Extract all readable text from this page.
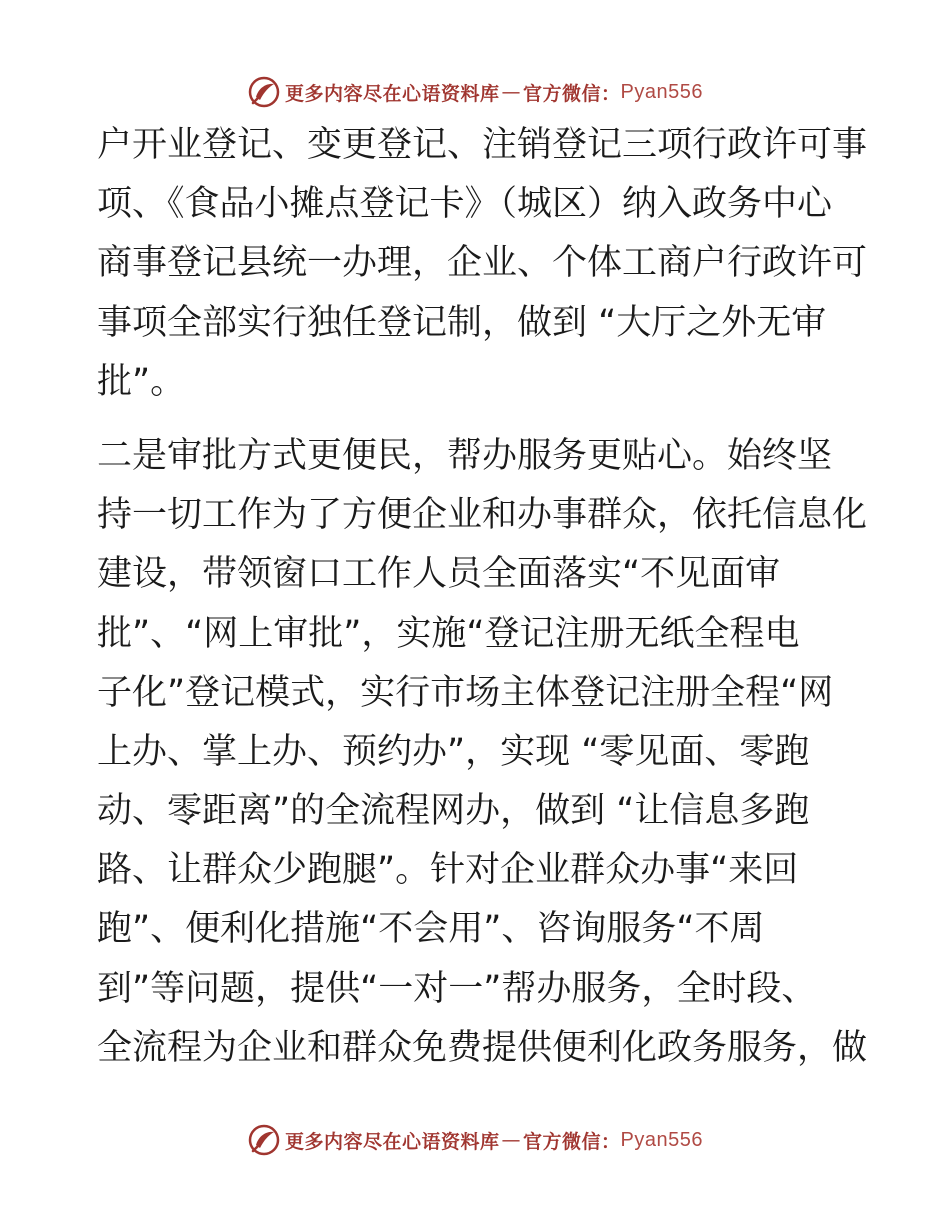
更多内容尽在心语资料库 — 官方微信： Pyan556
户开业登记、变更登记、注销登记三项行政许可事
项、《食品小摊点登记卡》（城区）纳入政务中心
商事登记县统一办理，企业、个体工商户行政许可
事项全部实行独任登记制，做到 “大厅之外无审
批”。
二是审批方式更便民，帮办服务更贴心。始终坚
持一切工作为了方便企业和办事群众，依托信息化
建设，带领窗口工作人员全面落实“不见面审
批”、“网上审批”，实施“登记注册无纸全程电
子化”登记模式，实行市场主体登记注册全程“网
上办、掌上办、预约办”，实现 “零见面、零跑
动、零距离”的全流程网办，做到 “让信息多跑
路、让群众少跑腿”。针对企业群众办事“来回
跑”、便利化措施“不会用”、咨询服务“不周
到”等问题，提供“一对一”帮办服务，全时段、
全流程为企业和群众免费提供便利化政务服务，做
更多内容尽在心语资料库 — 官方微信： Pyan556
